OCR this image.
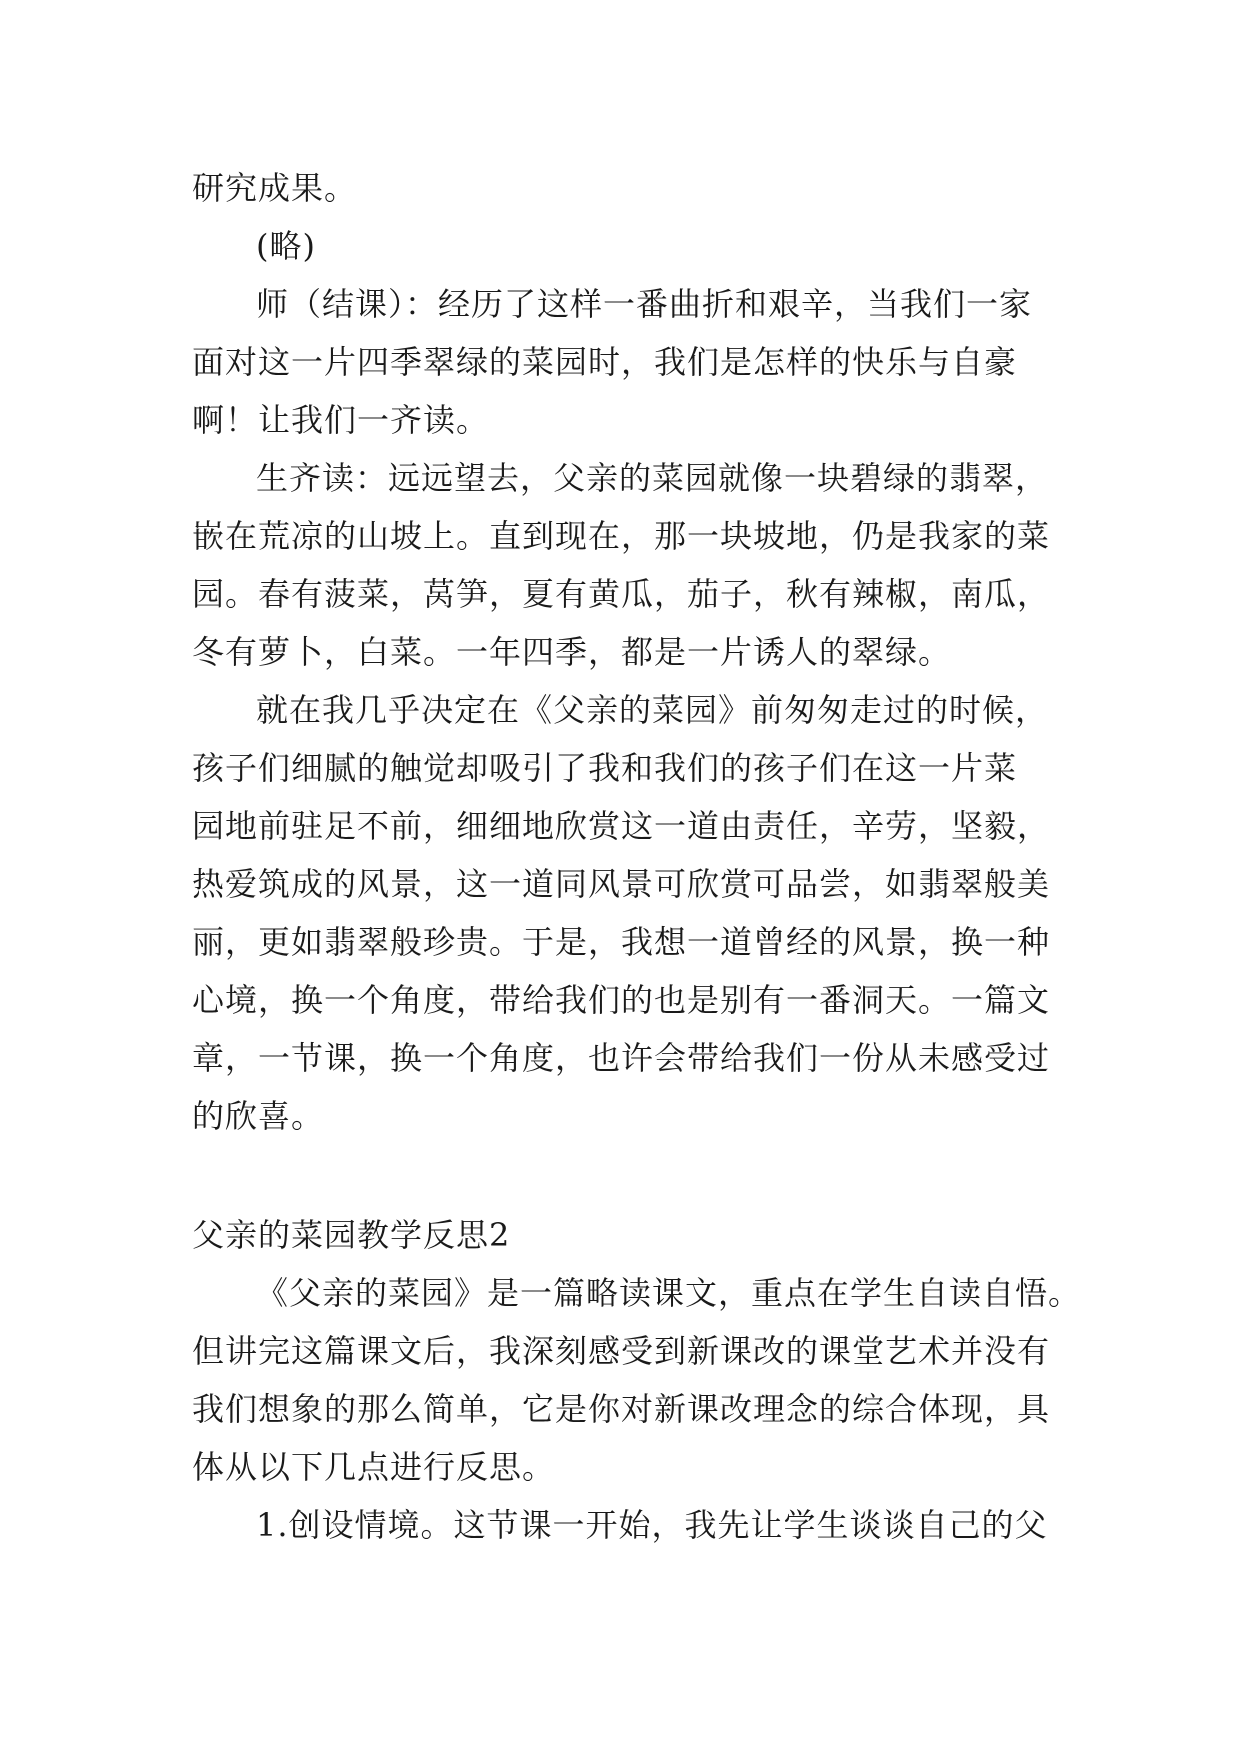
研究成果。

(略)

师（结课）：经历了这样一番曲折和艰辛，当我们一家

面对这一片四季翠绿的菜园时，我们是怎样的快乐与自豪

啊！让我们一齐读。

生齐读：远远望去，父亲的菜园就像一块碧绿的翡翠，

嵌在荒凉的山坡上。直到现在，那一块坡地，仍是我家的菜

园。春有菠菜，莴笋，夏有黄瓜，茄子，秋有辣椒，南瓜，

冬有萝卜，白菜。一年四季，都是一片诱人的翠绿。

就在我几乎决定在《父亲的菜园》前匆匆走过的时候，

孩子们细腻的触觉却吸引了我和我们的孩子们在这一片菜

园地前驻足不前，细细地欣赏这一道由责任，辛劳，坚毅，

热爱筑成的风景，这一道同风景可欣赏可品尝，如翡翠般美

丽，更如翡翠般珍贵。于是，我想一道曾经的风景，换一种

心境，换一个角度，带给我们的也是别有一番洞天。一篇文

章，一节课，换一个角度，也许会带给我们一份从未感受过

的欣喜。

父亲的菜园教学反思2

《父亲的菜园》是一篇略读课文，重点在学生自读自悟。

但讲完这篇课文后，我深刻感受到新课改的课堂艺术并没有

我们想象的那么简单，它是你对新课改理念的综合体现，具

体从以下几点进行反思。

1.创设情境。这节课一开始，我先让学生谈谈自己的父
